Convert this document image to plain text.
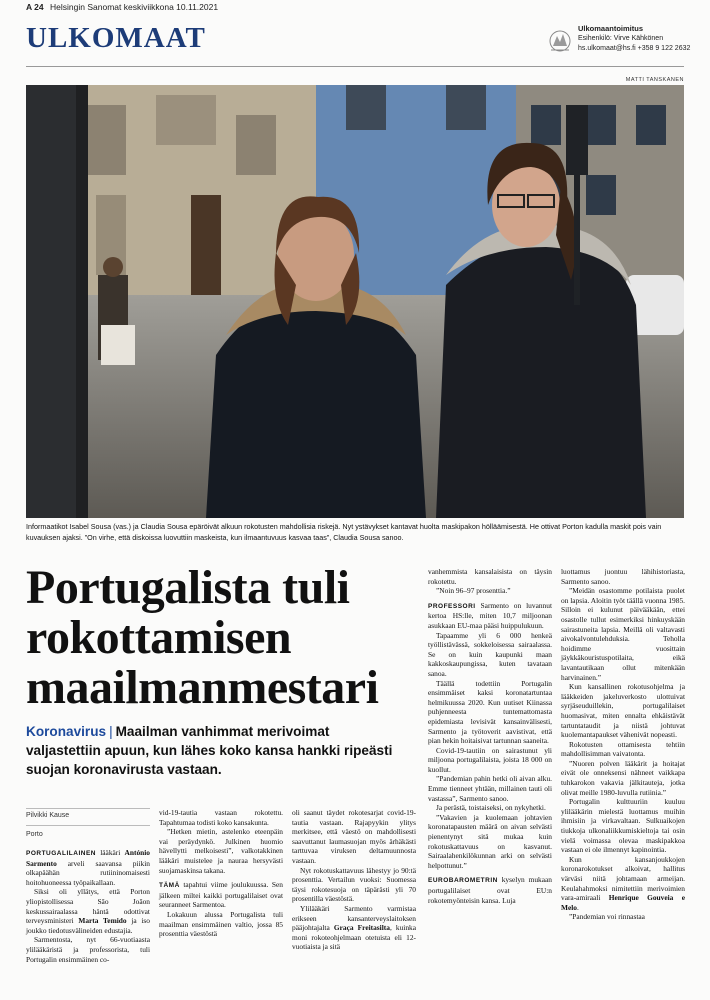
A 24 Helsingin Sanomat keskiviikkona 10.11.2021
ULKOMAAT	Ulkomaantoimitus
Esihenkilö: Virve Kähkönen
hs.ulkomaat@hs.fi +358 9 122 2632
MATTI TANSKANEN
Informaatikot Isabel Sousa (vas.) ja Claudia Sousa epäröivät alkuun rokotusten mahdollisia riskejä. Nyt ystävykset kantavat huolta maskipakon hölläämisestä. He ottivat Porton kadulla maskit pois vain kuvauksen ajaksi. ”On virhe, että diskoissa luovuttiin maskeista, kun ilmaantuvuus kasvaa taas”, Claudia Sousa sanoo.
Portugalista tuli rokottamisen maailmanmestari
Koronavirus | Maailman vanhimmat merivoimat valjastettiin apuun, kun lähes koko kansa hankki ripeästi suojan koronavirusta vastaan.
Pilvikki Kause
Porto

PORTUGALILAINEN lääkäri António Sarmento arveli saavansa piikin olkapäähän rutiininomaisesti hoitohuoneessa työpaikallaan.

Siksi oli yllätys, että Porton yliopistollisessa São Joãon keskussairaalassa häntä odottivat terveysministeri Marta Temido ja iso joukko tiedotusvälineiden edustajia.

Sarmentosta, nyt 66-vuotiaasta ylilääkäristä ja professorista, tuli Portugalin ensimmäinen co-

vid-19-tautia vastaan rokotettu. Tapahtumaa todisti koko kansakunta.

”Hetken mietin, astelenko eteenpäin vai peräydynkö. Julkinen huomio hävellytti melkoisesti”, valkotakkinen lääkäri muistelee ja nauraa hersyvästi suojamaskinsa takana.

TÄMÄ tapahtui viime joulukuussa. Sen jälkeen miltei kaikki portugalilaiset ovat seuranneet Sarmentoa.

Lokakuun alussa Portugalista tuli maailman ensimmäinen valtio, jossa 85 prosenttia väestöstä

oli saanut täydet rokotesarjat covid-19-tautia vastaan. Rajapyykin ylitys merkitsee, että väestö on mahdollisesti saavuttanut laumasuojan myös ärhäkästi tarttuvaa viruksen deltamuunnosta vastaan.

Nyt rokotuskattavuus lähestyy jo 90:tä prosenttia. Vertailun vuoksi: Suomessa täysi rokotesuoja on täpärästi yli 70 prosentilla väestöstä.

Ylilääkäri Sarmento varmistaa erikseen kansanterveyslaitoksen pääjohtajalta Graça Freitasilta, kuinka moni rokoteohjelmaan otetuista eli 12-vuotiaista ja sitä

vanhemmista kansalaisista on täysin rokotettu.

”Noin 96–97 prosenttia.”

PROFESSORI Sarmento on luvannut kertoa HS:lle, miten 10,7 miljoonan asukkaan EU-maa pääsi huippulukuun.

Tapaamme yli 6 000 henkeä työllistävässä, sokkeloisessa sairaalassa. Se on kuin kaupunki maan kakkoskaupungissa, kuten tavataan sanoa.

Täällä todettiin Portugalin ensimmäiset kaksi koronatartuntaa helmikuussa 2020. Kun uutiset Kiinassa puhjenneesta tuntemattomasta epidemiasta levisivät kansainvälisesti, Sarmento ja työtoverit aavistivat, että pian hekin hoitaisivat tartunnan saaneita.

Covid-19-tautiin on sairastunut yli miljoona portugalilaista, joista 18 000 on kuollut.

”Pandemian pahin hetki oli aivan alku. Emme tienneet yhtään, millainen tauti oli vastassa”, Sarmento sanoo.

Ja perästä, toistaiseksi, on nykyhetki.

”Vakavien ja kuolemaan johtavien koronatapausten määrä on aivan selvästi pienentynyt sitä mukaa kuin rokotuskattavuus on kasvanut. Sairaalahenkilökunnan arki on selvästi helpottunut.”

EUROBAROMETRIN kyselyn mukaan portugalilaiset ovat EU:n rokotemyönteisin kansa. Luja

luottamus juontuu lähihistoriasta, Sarmento sanoo.

”Meidän osastomme potilaista puolet on lapsia. Aloitin työt täällä vuonna 1985. Silloin ei kulunut päivääkään, ettei osastolle tullut esimerkiksi hinkuyskään sairastuneita lapsia. Meillä oli valtavasti aivokalvontulehduksia. Teholla hoidimme vuosittain jäykkäkouristuspotilaita, eikä lavantautikaan ollut mitenkään harvinainen.”

Kun kansallinen rokotusohjelma ja lääkkeiden jakeluverkosto ulottuivat syrjäseuduillekin, portugalilaiset huomasivat, miten ennalta ehkäistävät tartuntataudit ja niistä johtuvat kuolemantapaukset vähenivät nopeasti.

Rokotusten ottamisesta tehtiin mahdollisimman vaivatonta.

”Nuoren polven lääkärit ja hoitajat eivät ole onneksensi nähneet vaikkapa tuhkarokon vakavia jälkitauteja, jotka olivat meille 1980-luvulla rutiinia.”

Portugalin kulttuuriin kuuluu ylilääkärin mielestä luottamus muihin ihmisiin ja virkavaltaan. Sulkuaikojen tiukkoja ulkonaliikkumiskieltoja tai osin vielä voimassa olevaa maskipakkoa vastaan ei ole ilmennyt kapinointia.

Kun kansanjoukkojen koronarokotukset alkoivat, hallitus värväsi niitä johtamaan armeijan. Keulahahmoksi nimitettiin merivoimien vara-amiraali Henrique Gouveia e Melo.

”Pandemian voi rinnastaa
